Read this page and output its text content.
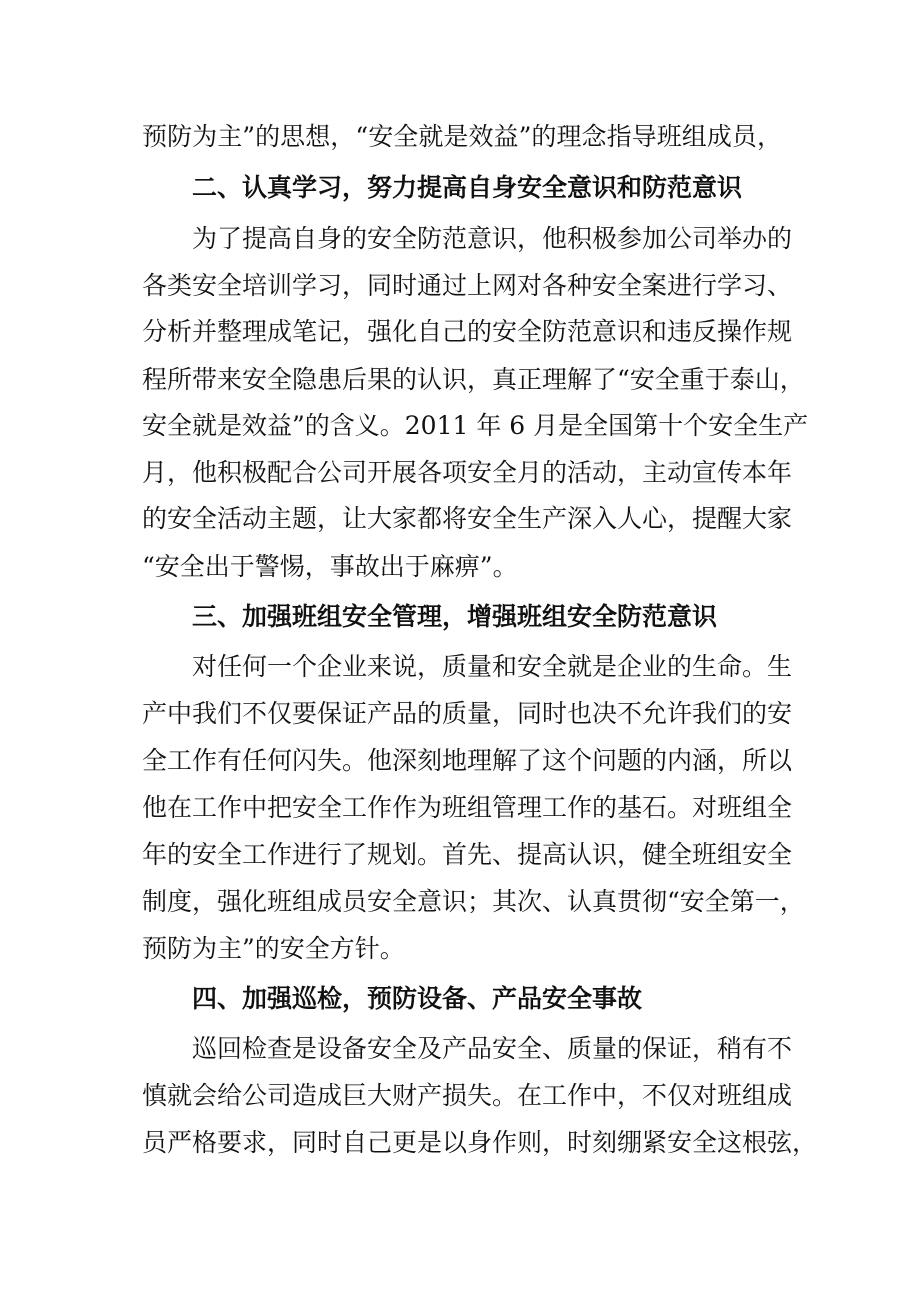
预防为主”的思想，“安全就是效益”的理念指导班组成员，
二、认真学习，努力提高自身安全意识和防范意识
为了提高自身的安全防范意识，他积极参加公司举办的
各类安全培训学习，同时通过上网对各种安全案进行学习、
分析并整理成笔记，强化自己的安全防范意识和违反操作规
程所带来安全隐患后果的认识，真正理解了“安全重于泰山，
安全就是效益”的含义。2011 年 6 月是全国第十个安全生产
月，他积极配合公司开展各项安全月的活动，主动宣传本年
的安全活动主题，让大家都将安全生产深入人心，提醒大家
“安全出于警惕，事故出于麻痹”。
三、加强班组安全管理，增强班组安全防范意识
对任何一个企业来说，质量和安全就是企业的生命。生
产中我们不仅要保证产品的质量，同时也决不允许我们的安
全工作有任何闪失。他深刻地理解了这个问题的内涵，所以
他在工作中把安全工作作为班组管理工作的基石。对班组全
年的安全工作进行了规划。首先、提高认识，健全班组安全
制度，强化班组成员安全意识；其次、认真贯彻“安全第一，
预防为主”的安全方针。
四、加强巡检，预防设备、产品安全事故
巡回检查是设备安全及产品安全、质量的保证，稍有不
慎就会给公司造成巨大财产损失。在工作中，不仅对班组成
员严格要求，同时自己更是以身作则，时刻绷紧安全这根弦，
